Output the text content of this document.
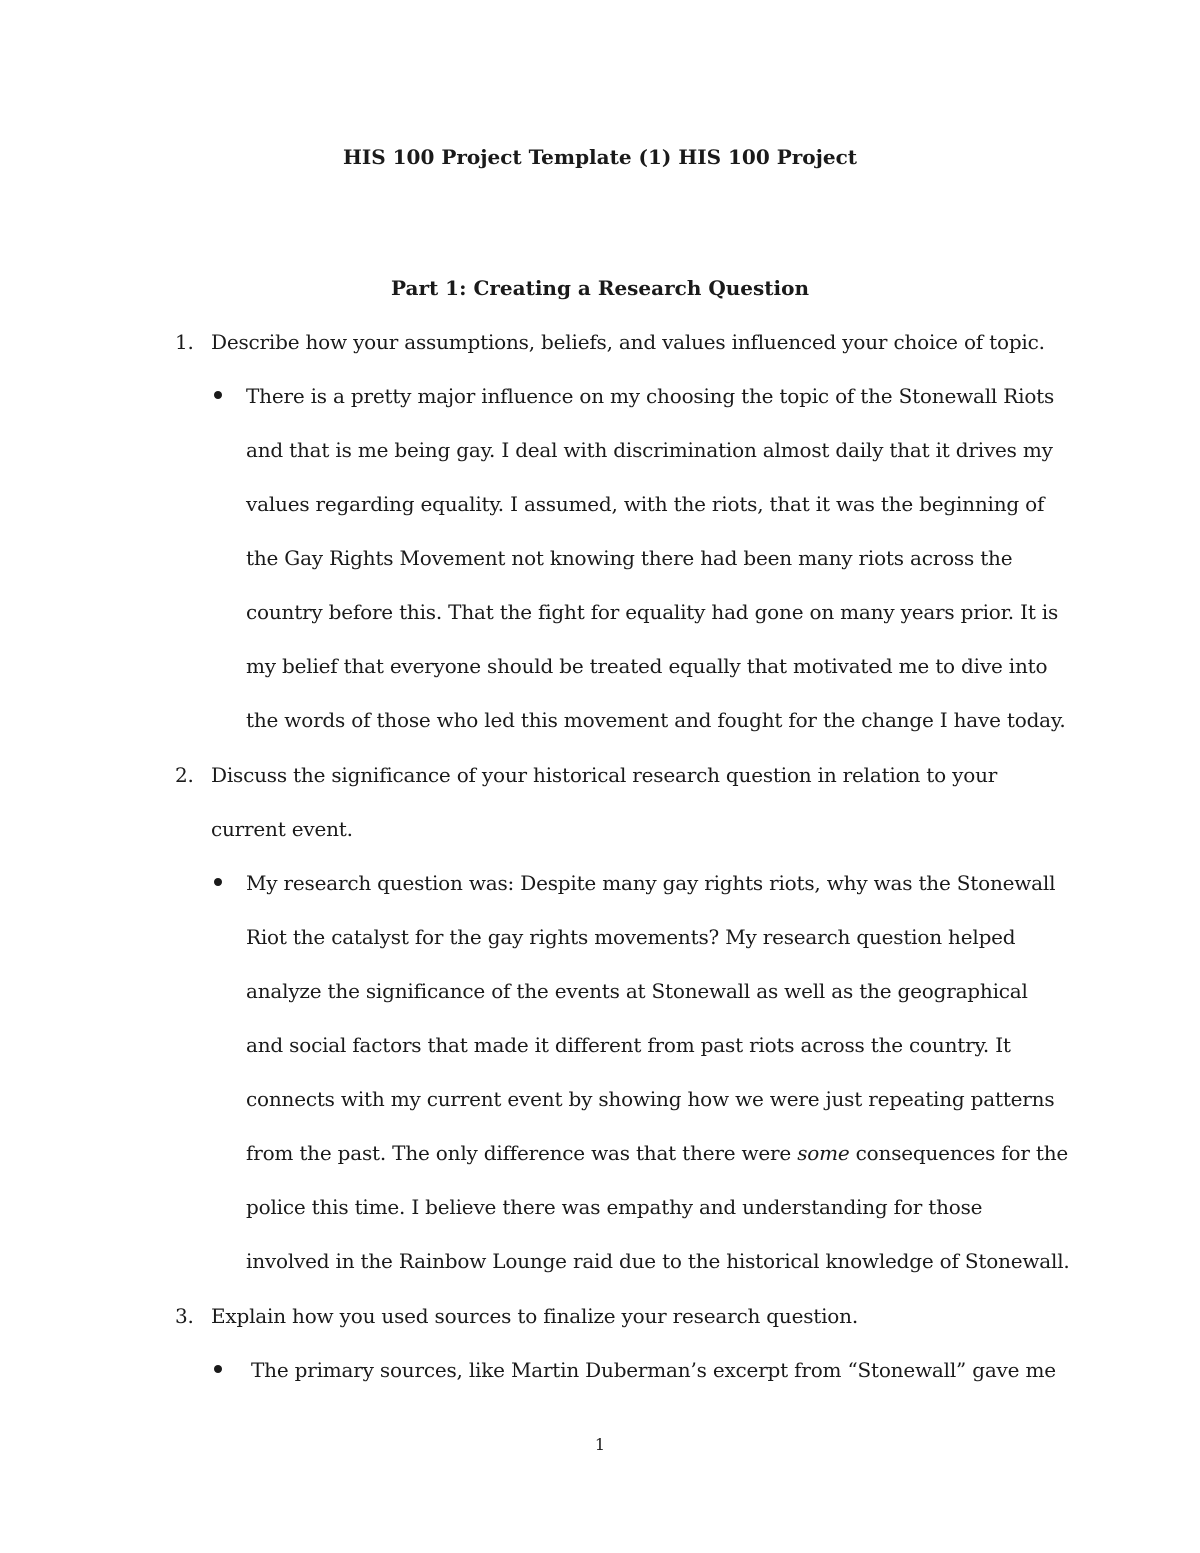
HIS 100 Project Template (1) HIS 100 Project
Part 1: Creating a Research Question
1. Describe how your assumptions, beliefs, and values influenced your choice of topic.
There is a pretty major influence on my choosing the topic of the Stonewall Riots and that is me being gay. I deal with discrimination almost daily that it drives my values regarding equality. I assumed, with the riots, that it was the beginning of the Gay Rights Movement not knowing there had been many riots across the country before this. That the fight for equality had gone on many years prior. It is my belief that everyone should be treated equally that motivated me to dive into the words of those who led this movement and fought for the change I have today.
2. Discuss the significance of your historical research question in relation to your current event.
My research question was: Despite many gay rights riots, why was the Stonewall Riot the catalyst for the gay rights movements? My research question helped analyze the significance of the events at Stonewall as well as the geographical and social factors that made it different from past riots across the country. It connects with my current event by showing how we were just repeating patterns from the past. The only difference was that there were some consequences for the police this time. I believe there was empathy and understanding for those involved in the Rainbow Lounge raid due to the historical knowledge of Stonewall.
3. Explain how you used sources to finalize your research question.
The primary sources, like Martin Duberman’s excerpt from “Stonewall” gave me
1
